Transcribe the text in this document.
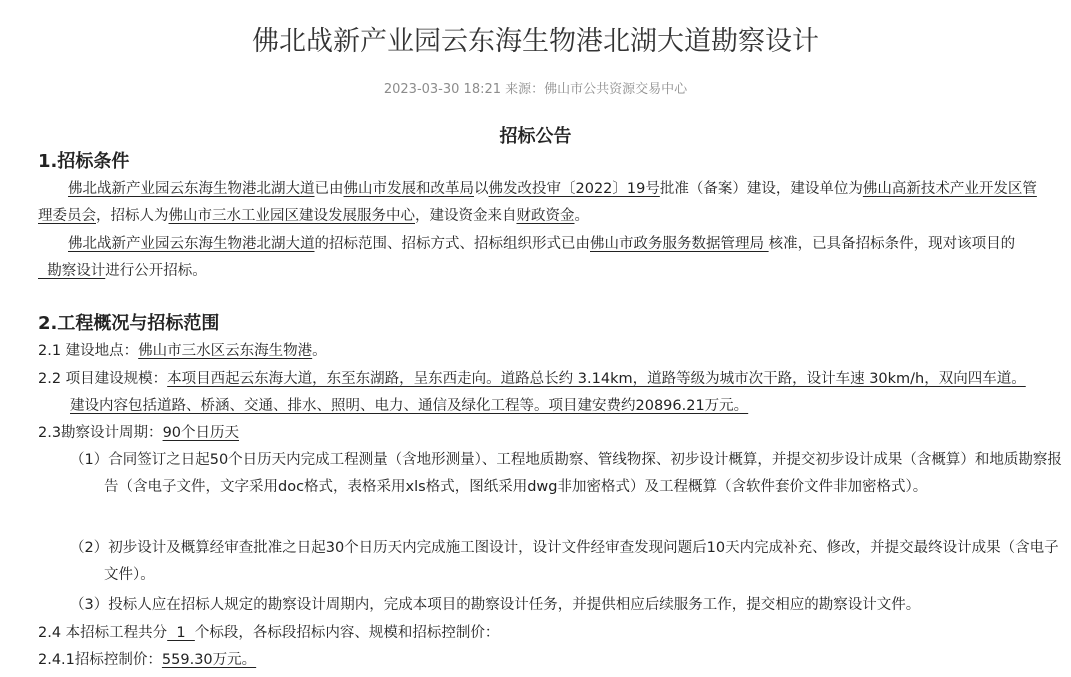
佛北战新产业园云东海生物港北湖大道勘察设计
2023-03-30 18:21 来源：佛山市公共资源交易中心
招标公告
1.招标条件
佛北战新产业园云东海生物港北湖大道已由佛山市发展和改革局以佛发改投审〔2022〕19号批准（备案）建设，建设单位为佛山高新技术产业开发区管理委员会，招标人为佛山市三水工业园区建设发展服务中心，建设资金来自财政资金。
佛北战新产业园云东海生物港北湖大道的招标范围、招标方式、招标组织形式已由佛山市政务服务数据管理局 核准，已具备招标条件，现对该项目的  勘察设计进行公开招标。
2.工程概况与招标范围
2.1 建设地点：佛山市三水区云东海生物港。
2.2 项目建设规模：本项目西起云东海大道，东至东湖路，呈东西走向。道路总长约 3.14km，道路等级为城市次干路，设计车速 30km/h，双向四车道。建设内容包括道路、桥涵、交通、排水、照明、电力、通信及绿化工程等。项目建安费约20896.21万元。
2.3勘察设计周期：90个日历天
（1）合同签订之日起50个日历天内完成工程测量（含地形测量）、工程地质勘察、管线物探、初步设计概算，并提交初步设计成果（含概算）和地质勘察报告（含电子文件，文字采用doc格式，表格采用xls格式，图纸采用dwg非加密格式）及工程概算（含软件套价文件非加密格式）。
（2）初步设计及概算经审查批准之日起30个日历天内完成施工图设计，设计文件经审查发现问题后10天内完成补充、修改，并提交最终设计成果（含电子文件）。
（3）投标人应在招标人规定的勘察设计周期内，完成本项目的勘察设计任务，并提供相应后续服务工作，提交相应的勘察设计文件。
2.4 本招标工程共分  1  个标段，各标段招标内容、规模和招标控制价：
2.4.1招标控制价：559.30万元。
